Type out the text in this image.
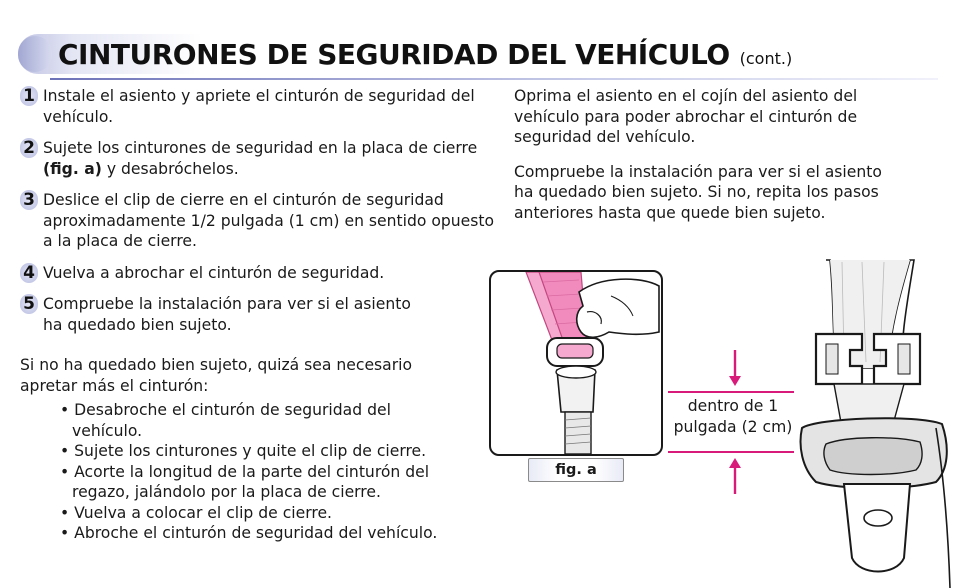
CINTURONES DE SEGURIDAD DEL VEHÍCULO (cont.)
1 Instale el asiento y apriete el cinturón de seguridad del vehículo.
2 Sujete los cinturones de seguridad en la placa de cierre (fig. a) y desabróchelos.
3 Deslice el clip de cierre en el cinturón de seguridad aproximadamente 1/2 pulgada (1 cm) en sentido opuesto a la placa de cierre.
4 Vuelva a abrochar el cinturón de seguridad.
5 Compruebe la instalación para ver si el asiento
ha quedado bien sujeto.

Si no ha quedado bien sujeto, quizá sea necesario apretar más el cinturón:

• Desabroche el cinturón de seguridad del vehículo.
• Sujete los cinturones y quite el clip de cierre.
• Acorte la longitud de la parte del cinturón del regazo, jalándolo por la placa de cierre.
• Vuelva a colocar el clip de cierre.
• Abroche el cinturón de seguridad del vehículo.

Oprima el asiento en el cojín del asiento del vehículo para poder abrochar el cinturón de seguridad del vehículo.

Compruebe la instalación para ver si el asiento ha quedado bien sujeto. Si no, repita los pasos anteriores hasta que quede bien sujeto.

fig. a
dentro de 1
pulgada (2 cm)
